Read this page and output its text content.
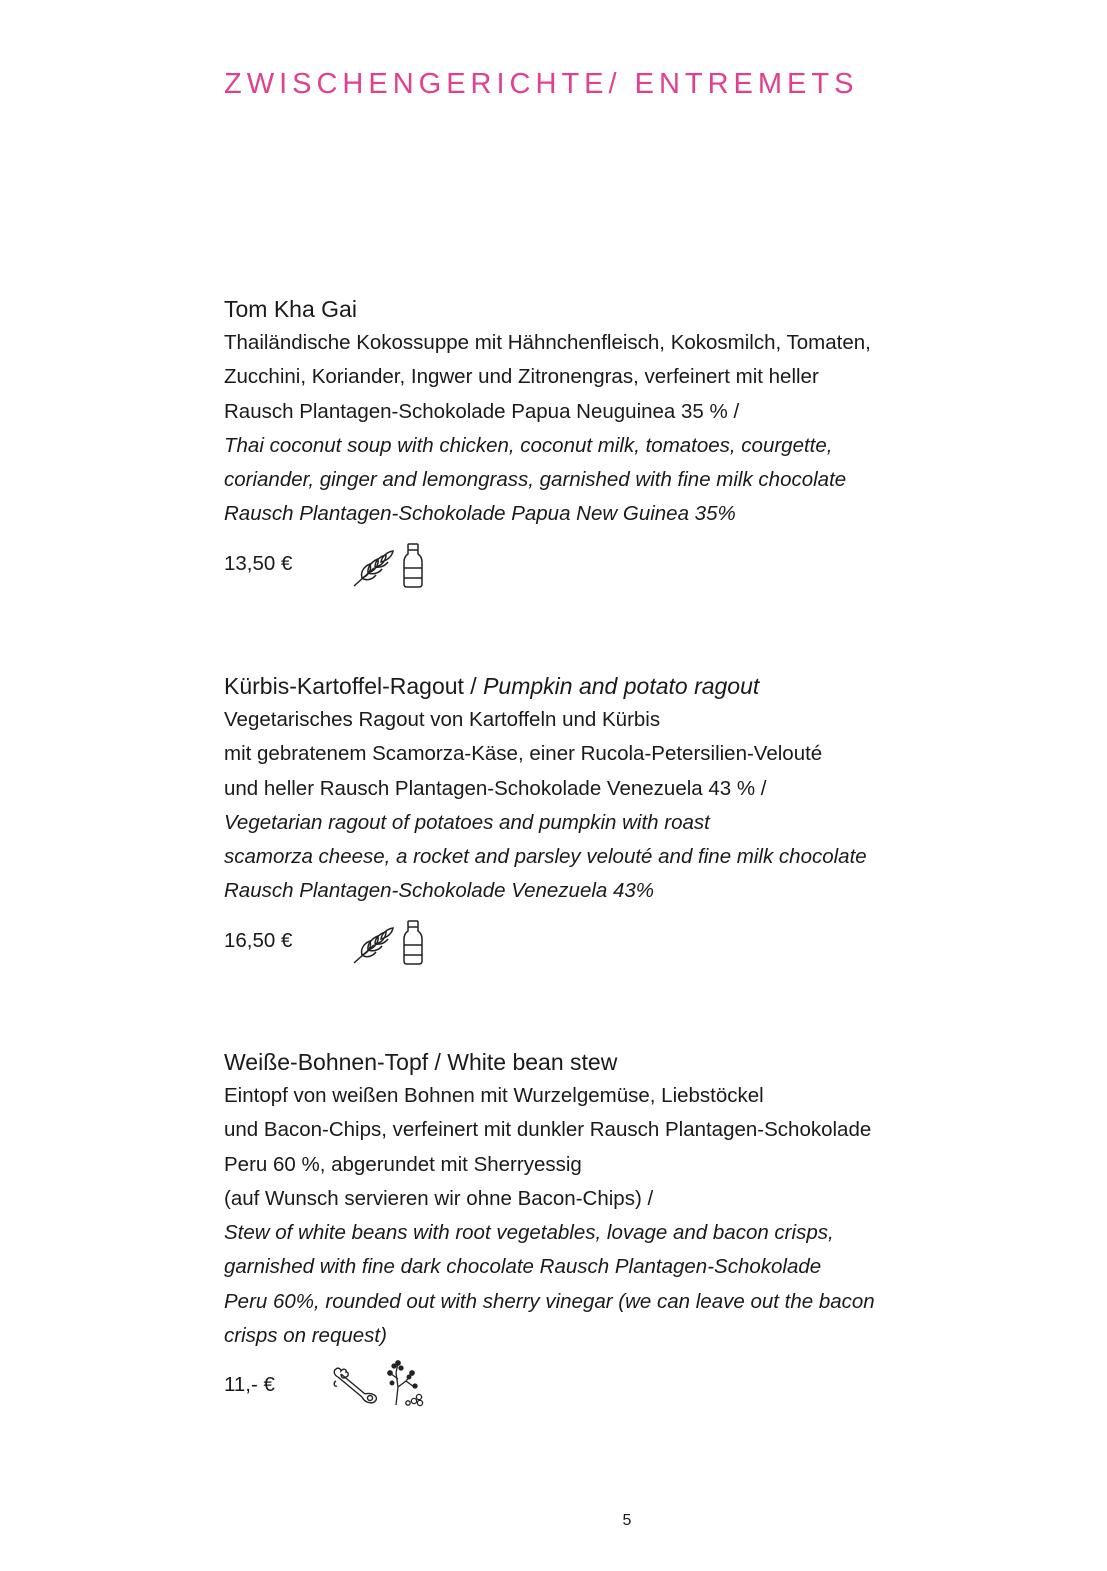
ZWISCHENGERICHTE/ ENTREMETS
Tom Kha Gai

Thailändische Kokossuppe mit Hähnchenfleisch, Kokosmilch, Tomaten,

Zucchini, Koriander, Ingwer und Zitronengras, verfeinert mit heller

Rausch Plantagen-Schokolade Papua Neuguinea 35 % /

Thai coconut soup with chicken, coconut milk, tomatoes, courgette,

coriander, ginger and lemongrass, garnished with fine milk chocolate

Rausch Plantagen-Schokolade Papua New Guinea 35%

13,50 €
Kürbis-Kartoffel-Ragout / Pumpkin and potato ragout

Vegetarisches Ragout von Kartoffeln und Kürbis

mit gebratenem Scamorza-Käse, einer Rucola-Petersilien-Velouté

und heller Rausch Plantagen-Schokolade Venezuela 43 % /

Vegetarian ragout of potatoes and pumpkin with roast

scamorza cheese, a rocket and parsley velouté and fine milk chocolate

Rausch Plantagen-Schokolade Venezuela 43%

16,50 €
Weiße-Bohnen-Topf / White bean stew

Eintopf von weißen Bohnen mit Wurzelgemüse, Liebstöckel

und Bacon-Chips, verfeinert mit dunkler Rausch Plantagen-Schokolade

Peru 60 %, abgerundet mit Sherryessig

(auf Wunsch servieren wir ohne Bacon-Chips) /

Stew of white beans with root vegetables, lovage and bacon crisps,

garnished with fine dark chocolate Rausch Plantagen-Schokolade

Peru 60%, rounded out with sherry vinegar (we can leave out the bacon

crisps on request)

11,- €
5
